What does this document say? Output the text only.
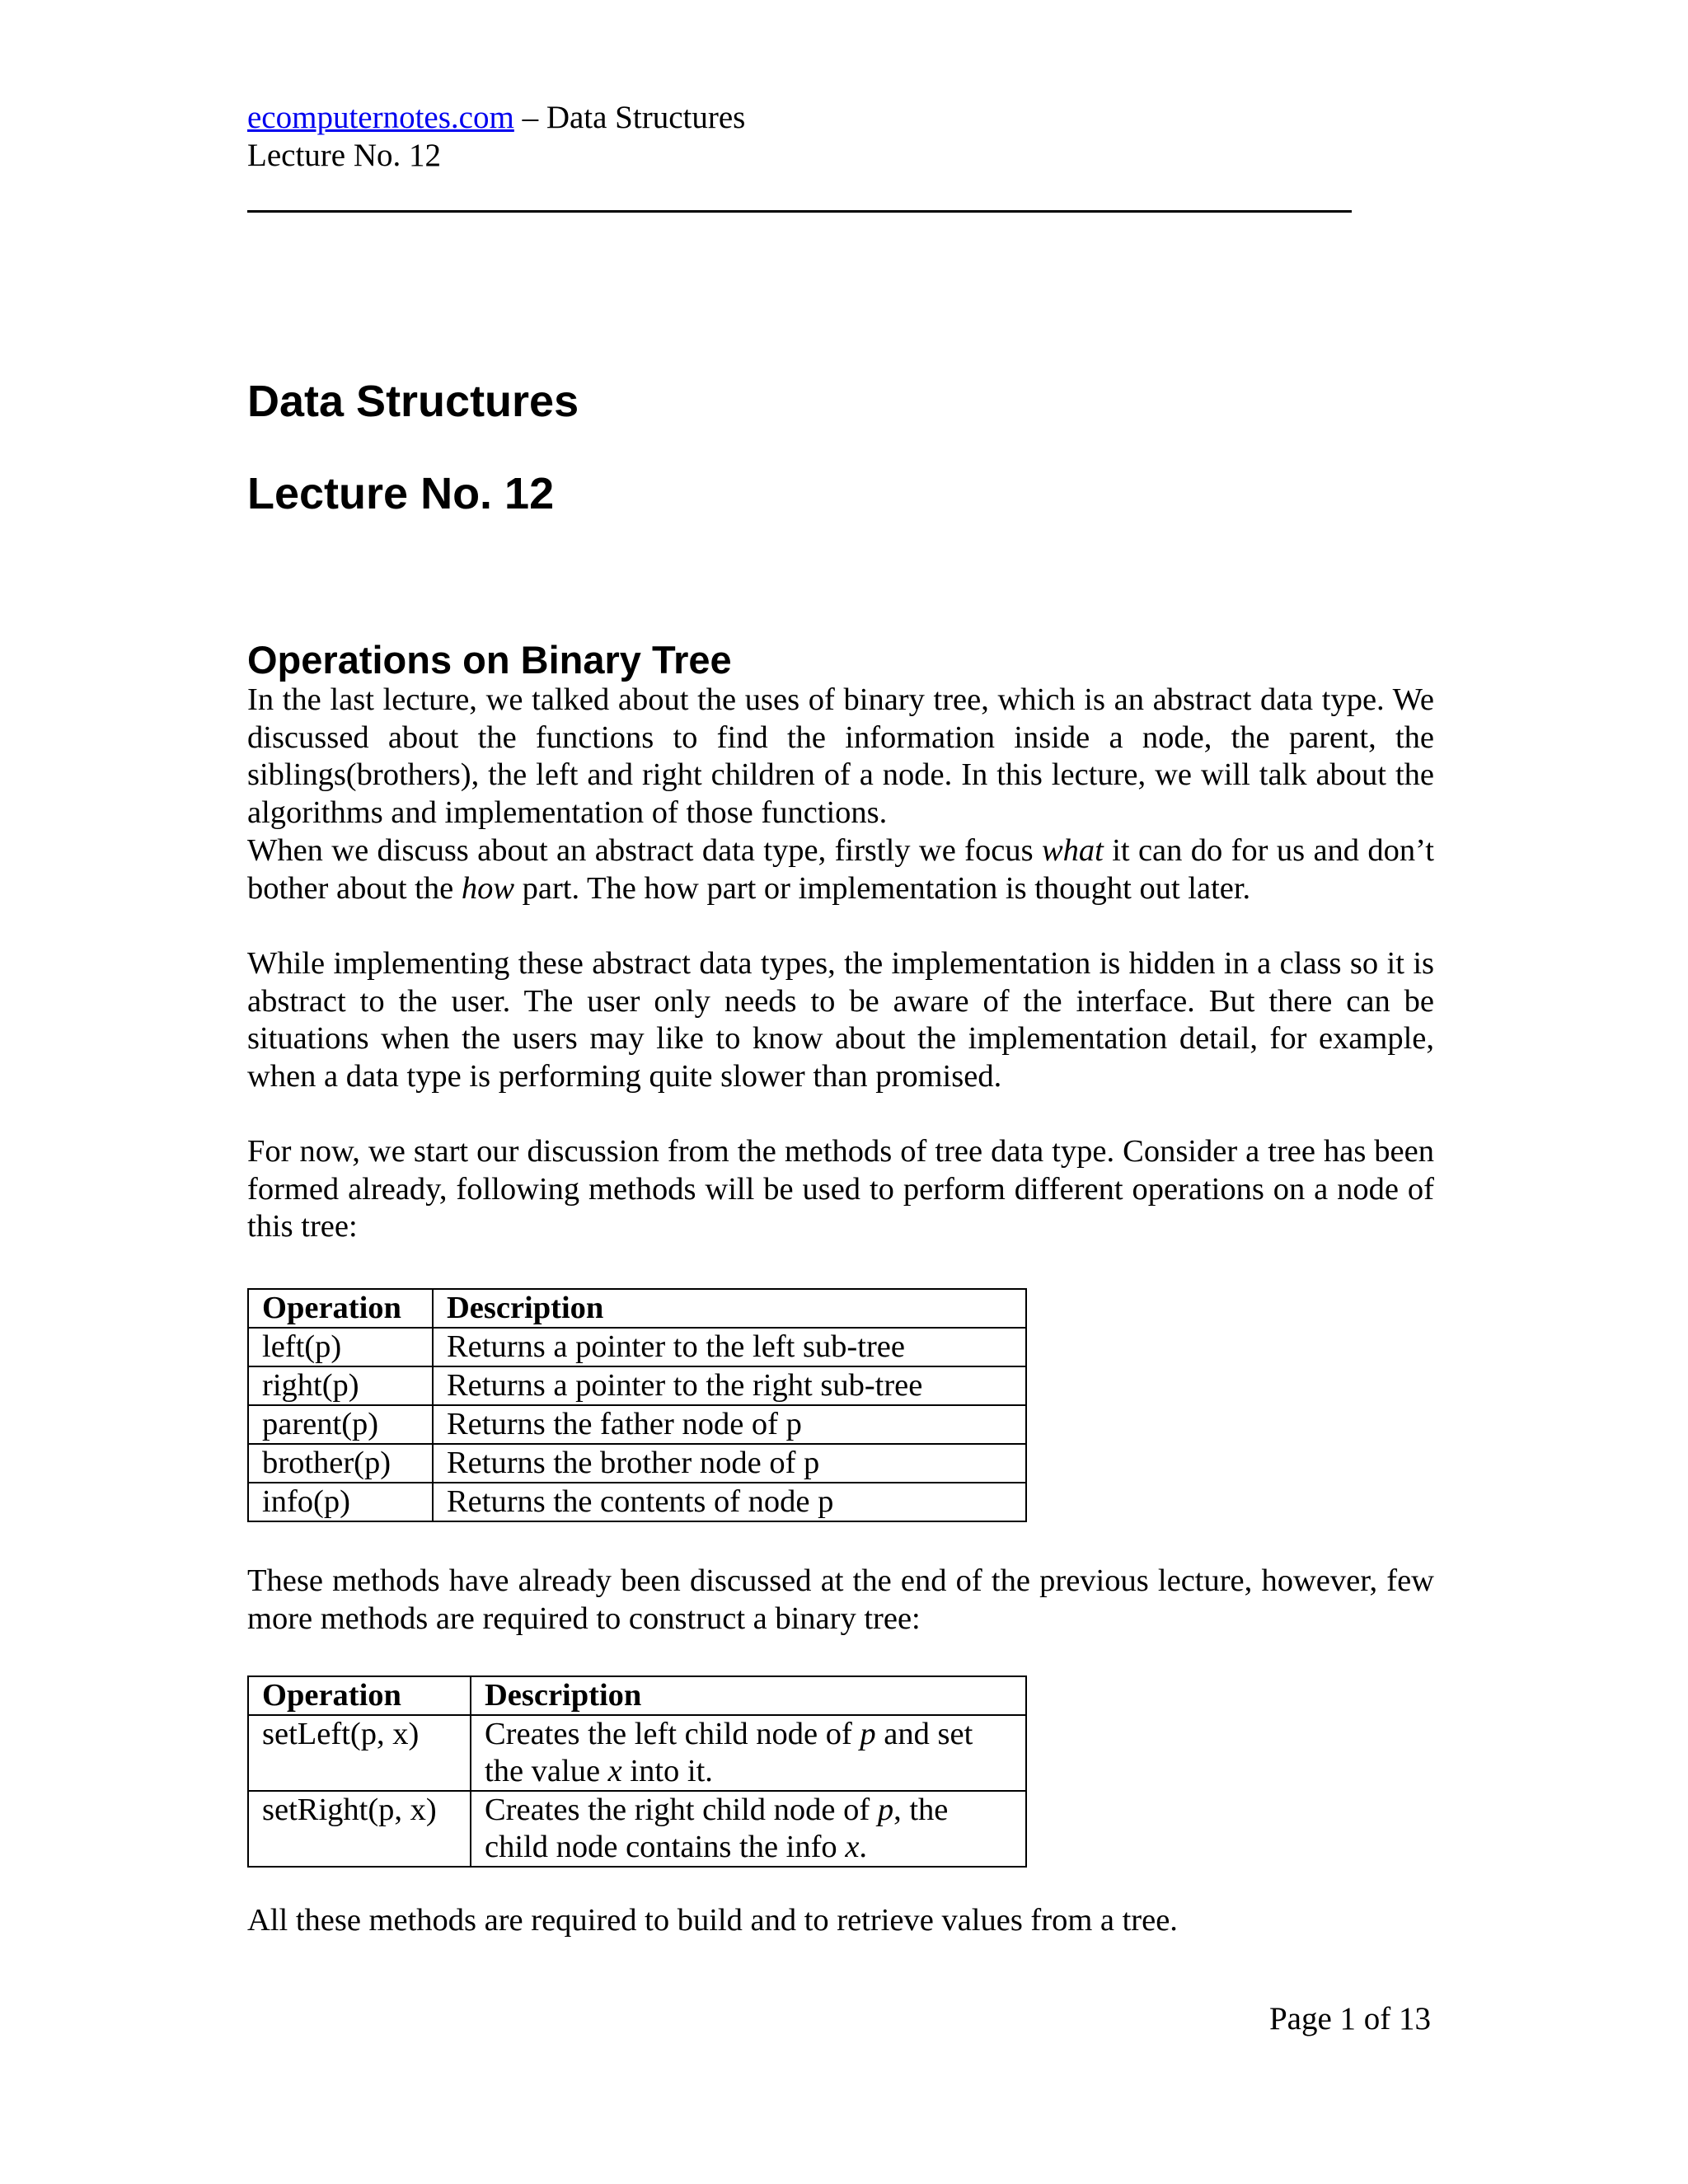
ecomputernotes.com – Data Structures
Lecture No. 12
Data Structures
Lecture No. 12
Operations on Binary Tree

In the last lecture, we talked about the uses of binary tree, which is an abstract data type. We discussed about the functions to find the information inside a node, the parent, the siblings(brothers), the left and right children of a node. In this lecture, we will talk about the algorithms and implementation of those functions.

When we discuss about an abstract data type, firstly we focus what it can do for us and don’t bother about the how part. The how part or implementation is thought out later.

While implementing these abstract data types, the implementation is hidden in a class so it is abstract to the user. The user only needs to be aware of the interface. But there can be situations when the users may like to know about the implementation detail, for example, when a data type is performing quite slower than promised.

For now, we start our discussion from the methods of tree data type. Consider a tree has been formed already, following methods will be used to perform different operations on a node of this tree:

Operation	Description
left(p)	Returns a pointer to the left sub-tree
right(p)	Returns a pointer to the right sub-tree
parent(p)	Returns the father node of p
brother(p)	Returns the brother node of p
info(p)	Returns the contents of node p

These methods have already been discussed at the end of the previous lecture, however, few more methods are required to construct a binary tree:

Operation	Description
setLeft(p, x)	Creates the left child node of p and set the value x into it.
setRight(p, x)	Creates the right child node of p, the child node contains the info x.

All these methods are required to build and to retrieve values from a tree.

Page 1 of 13
